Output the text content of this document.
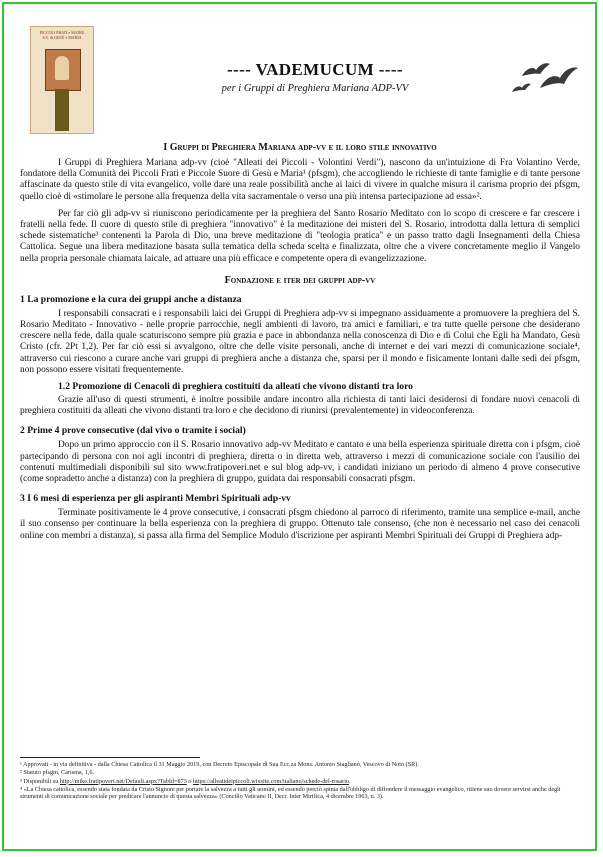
PICCOLI FRATI e SUORE
S.S. di GESÙ e MARIA
---- VADEMUCUM ----
per i Gruppi di Preghiera Mariana ADP-VV
I Gruppi di Preghiera Mariana adp-vv e il loro stile innovativo

I Gruppi di Preghiera Mariana adp-vv (cioè "Alleati dei Piccoli - Volontini Verdi"), nascono da un'intuizione di Fra Volantino Verde, fondatore della Comunità dei Piccoli Frati e Piccole Suore di Gesù e Maria¹ (pfsgm), che accogliendo le richieste di tante famiglie e di tante persone affascinate da questo stile di vita evangelico, volle dare una reale possibilità anche ai laici di vivere in qualche misura il carisma proprio dei pfsgm, quello cioè di «stimolare le persone alla frequenza della vita sacramentale o verso una più intensa partecipazione ad essa»².

Per far ciò gli adp-vv si riuniscono periodicamente per la preghiera del Santo Rosario Meditato con lo scopo di crescere e far crescere i fratelli nella fede. Il cuore di questo stile di preghiera "innovativo" è la meditazione dei misteri del S. Rosario, introdotta dalla lettura di semplici schede sistematiche³ contenenti la Parola di Dio, una breve meditazione di "teologia pratica" e un passo tratto dagli Insegnamenti della Chiesa Cattolica. Segue una libera meditazione basata sulla tematica della scheda scelta e finalizzata, oltre che a vivere concretamente meglio il Vangelo nella propria personale chiamata laicale, ad attuare una più efficace e competente opera di evangelizzazione.

Fondazione e iter dei gruppi adp-vv
1 La promozione e la cura dei gruppi anche a distanza

I responsabili consacrati e i responsabili laici dei Gruppi di Preghiera adp-vv si impegnano assiduamente a promuovere la preghiera del S. Rosario Meditato - Innovativo - nelle proprie parrocchie, negli ambienti di lavoro, tra amici e familiari, e tra tutte quelle persone che desiderano crescere nella fede, dalla quale scaturiscono sempre più grazia e pace in abbondanza nella conoscenza di Dio e di Colui che Egli ha Mandato, Gesù Cristo (cfr. 2Pt 1,2). Per far ciò essi si avvalgono, oltre che delle visite personali, anche di internet e dei vari mezzi di comunicazione sociale⁴, attraverso cui riescono a curare anche vari gruppi di preghiera anche a distanza che, sparsi per il mondo e fisicamente lontani dalle sedi dei pfsgm, non possono essere visitati frequentemente.

1.2 Promozione di Cenacoli di preghiera costituiti da alleati che vivono distanti tra loro

Grazie all'uso di questi strumenti, è inoltre possibile andare incontro alla richiesta di tanti laici desiderosi di fondare nuovi cenacoli di preghiera costituiti da alleati che vivono distanti tra loro e che decidono di riunirsi (prevalentemente) in videoconferenza.

2 Prime 4 prove consecutive (dal vivo o tramite i social)

Dopo un primo approccio con il S. Rosario innovativo adp-vv Meditato e cantato e una bella esperienza spirituale diretta con i pfsgm, cioè partecipando di persona con noi agli incontri di preghiera, diretta o in diretta web, attraverso i mezzi di comunicazione sociale con l'ausilio dei contenuti multimediali disponibili sul sito www.fratipoveri.net e sul blog adp-vv, i candidati iniziano un periodo di almeno 4 prove consecutive (come sopradetto anche a distanza) con la preghiera di gruppo, guidata dai responsabili consacrati pfsgm.

3 I 6 mesi di esperienza per gli aspiranti Membri Spirituali adp-vv

Terminate positivamente le 4 prove consecutive, i consacrati pfsgm chiedono al parroco di riferimento, tramite una semplice e-mail, anche il suo consenso per continuare la bella esperienza con la preghiera di gruppo. Ottenuto tale consenso, (che non è necessario nel caso dei cenacoli online con membri a distanza), si passa alla firma del Semplice Modulo d'iscrizione per aspiranti Membri Spirituali dei Gruppi di Preghiera adp-

¹ Approvati - in via definitiva - dalla Chiesa Cattolica il 31 Maggio 2019, con Decreto Episcopale di Sua Ecc.za Mons. Antonio Staglianò, Vescovo di Noto (SR).
² Statuto pfsgm, Carisma, 1,6.
³ Disponibili su http://mike.fratipoveri.net/Default.aspx?TabId=873 o https://alleatideipiccoli.wixsite.com/italiano/schede-del-rosario.
⁴ «La Chiesa cattolica, essendo stata fondata da Cristo Signore per portare la salvezza a tutti gli uomini, ed essendo perciò spinta dall'obbligo di diffondere il messaggio evangelico, ritiene suo dovere servirsi anche degli strumenti di comunicazione sociale per predicare l'annuncio di questa salvezza» (Concilio Vaticano II, Decr. Inter Mirifica, 4 dicembre 1963, n. 3).
